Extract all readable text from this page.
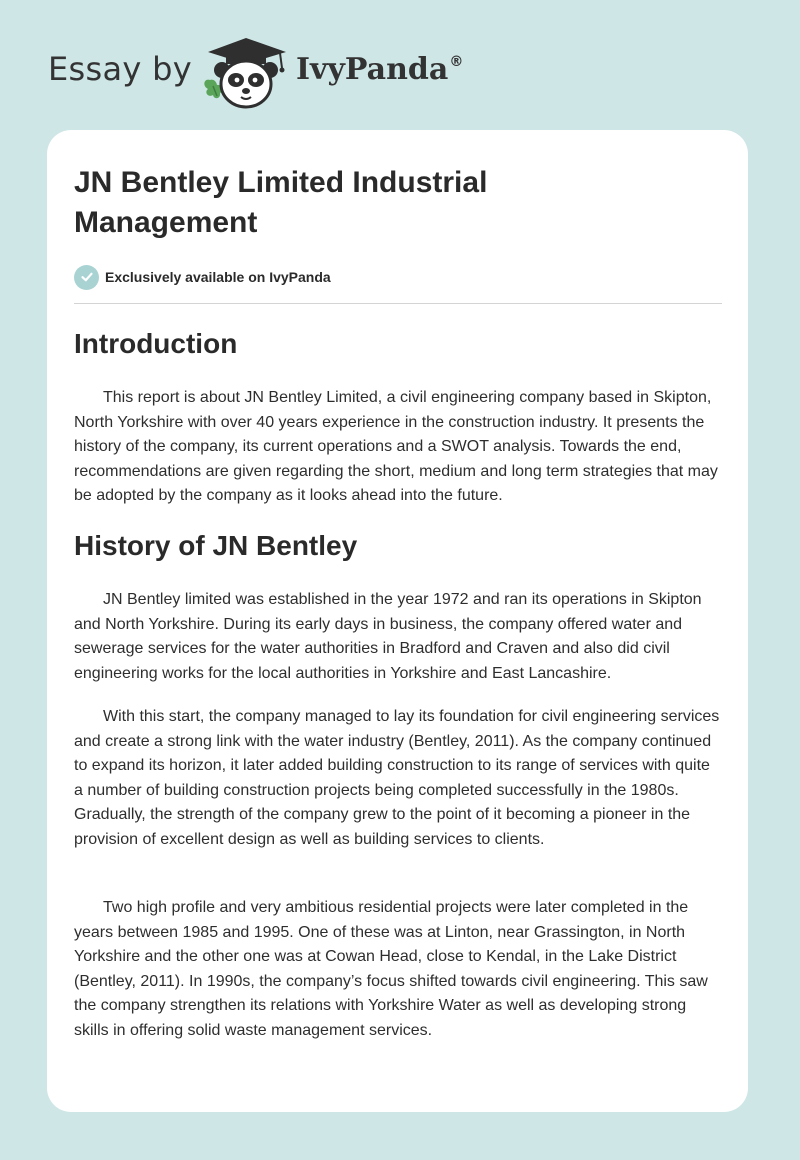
Essay by	IvyPanda®
JN Bentley Limited Industrial Management
Exclusively available on IvyPanda
Introduction

This report is about JN Bentley Limited, a civil engineering company based in Skipton, North Yorkshire with over 40 years experience in the construction industry. It presents the history of the company, its current operations and a SWOT analysis. Towards the end, recommendations are given regarding the short, medium and long term strategies that may be adopted by the company as it looks ahead into the future.

History of JN Bentley

JN Bentley limited was established in the year 1972 and ran its operations in Skipton and North Yorkshire. During its early days in business, the company offered water and sewerage services for the water authorities in Bradford and Craven and also did civil engineering works for the local authorities in Yorkshire and East Lancashire.

With this start, the company managed to lay its foundation for civil engineering services and create a strong link with the water industry (Bentley, 2011). As the company continued to expand its horizon, it later added building construction to its range of services with quite a number of building construction projects being completed successfully in the 1980s. Gradually, the strength of the company grew to the point of it becoming a pioneer in the provision of excellent design as well as building services to clients.

Two high profile and very ambitious residential projects were later completed in the years between 1985 and 1995. One of these was at Linton, near Grassington, in North Yorkshire and the other one was at Cowan Head, close to Kendal, in the Lake District (Bentley, 2011). In 1990s, the company’s focus shifted towards civil engineering. This saw the company strengthen its relations with Yorkshire Water as well as developing strong skills in offering solid waste management services.
